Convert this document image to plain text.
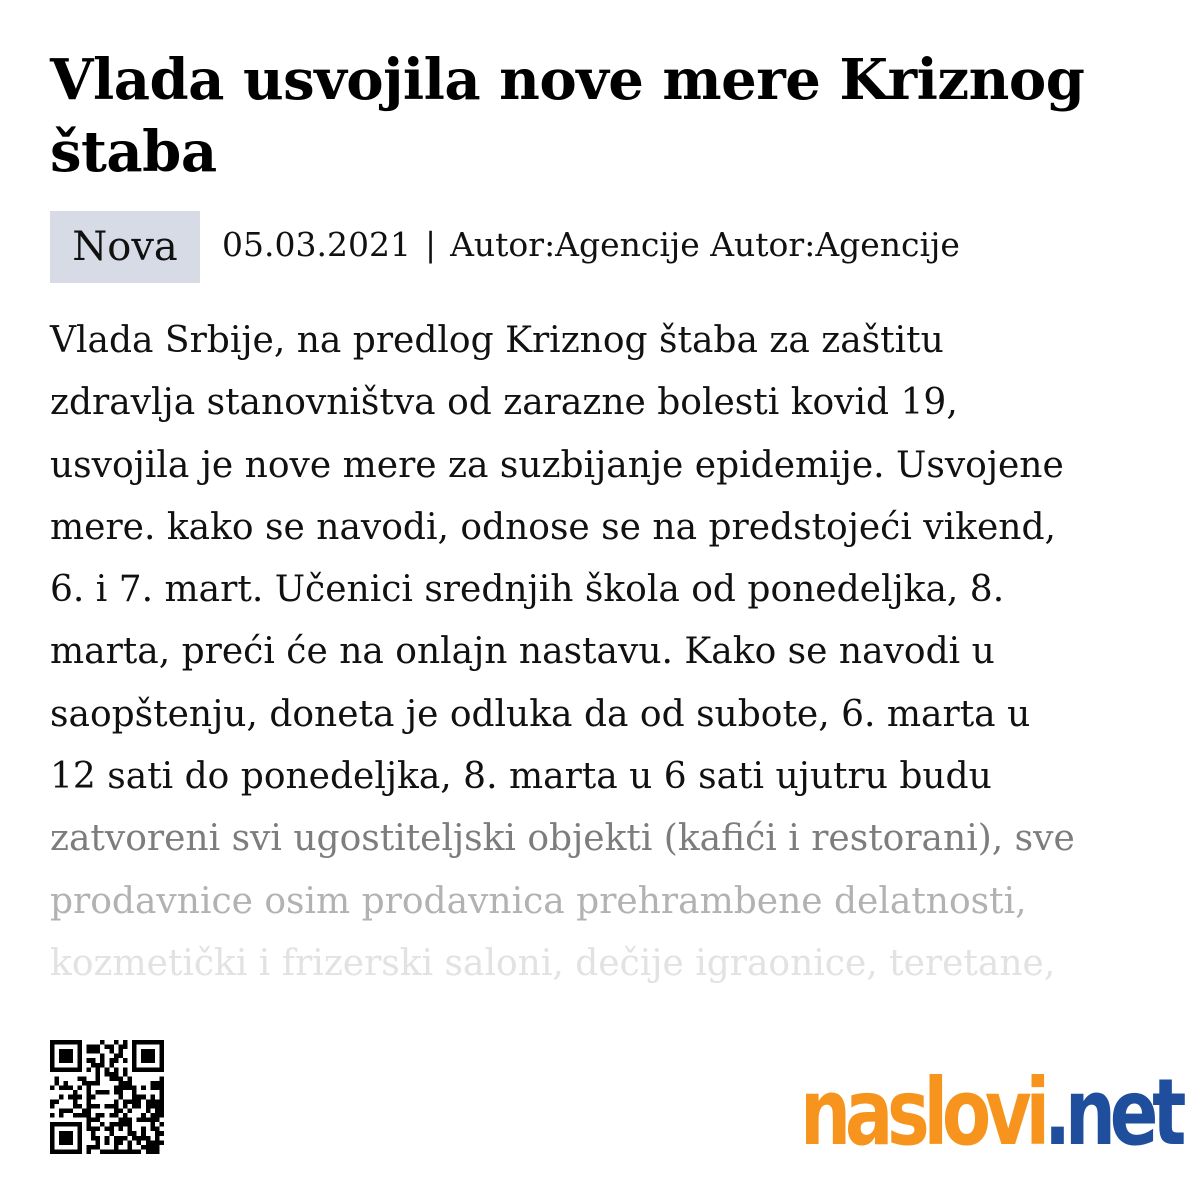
Vlada usvojila nove mere Kriznog štaba
Nova	05.03.2021 | Autor:Agencije Autor:Agencije
Vlada Srbije, na predlog Kriznog štaba za zaštitu
zdravlja stanovništva od zarazne bolesti kovid 19,
usvojila je nove mere za suzbijanje epidemije. Usvojene
mere. kako se navodi, odnose se na predstojeći vikend,
6. i 7. mart. Učenici srednjih škola od ponedeljka, 8.
marta, preći će na onlajn nastavu. Kako se navodi u
saopštenju, doneta je odluka da od subote, 6. marta u
12 sati do ponedeljka, 8. marta u 6 sati ujutru budu
zatvoreni svi ugostiteljski objekti (kafići i restorani), sve
prodavnice osim prodavnica prehrambene delatnosti,
kozmetički i frizerski saloni, dečije igraonice, teretane,
naslovi.net
